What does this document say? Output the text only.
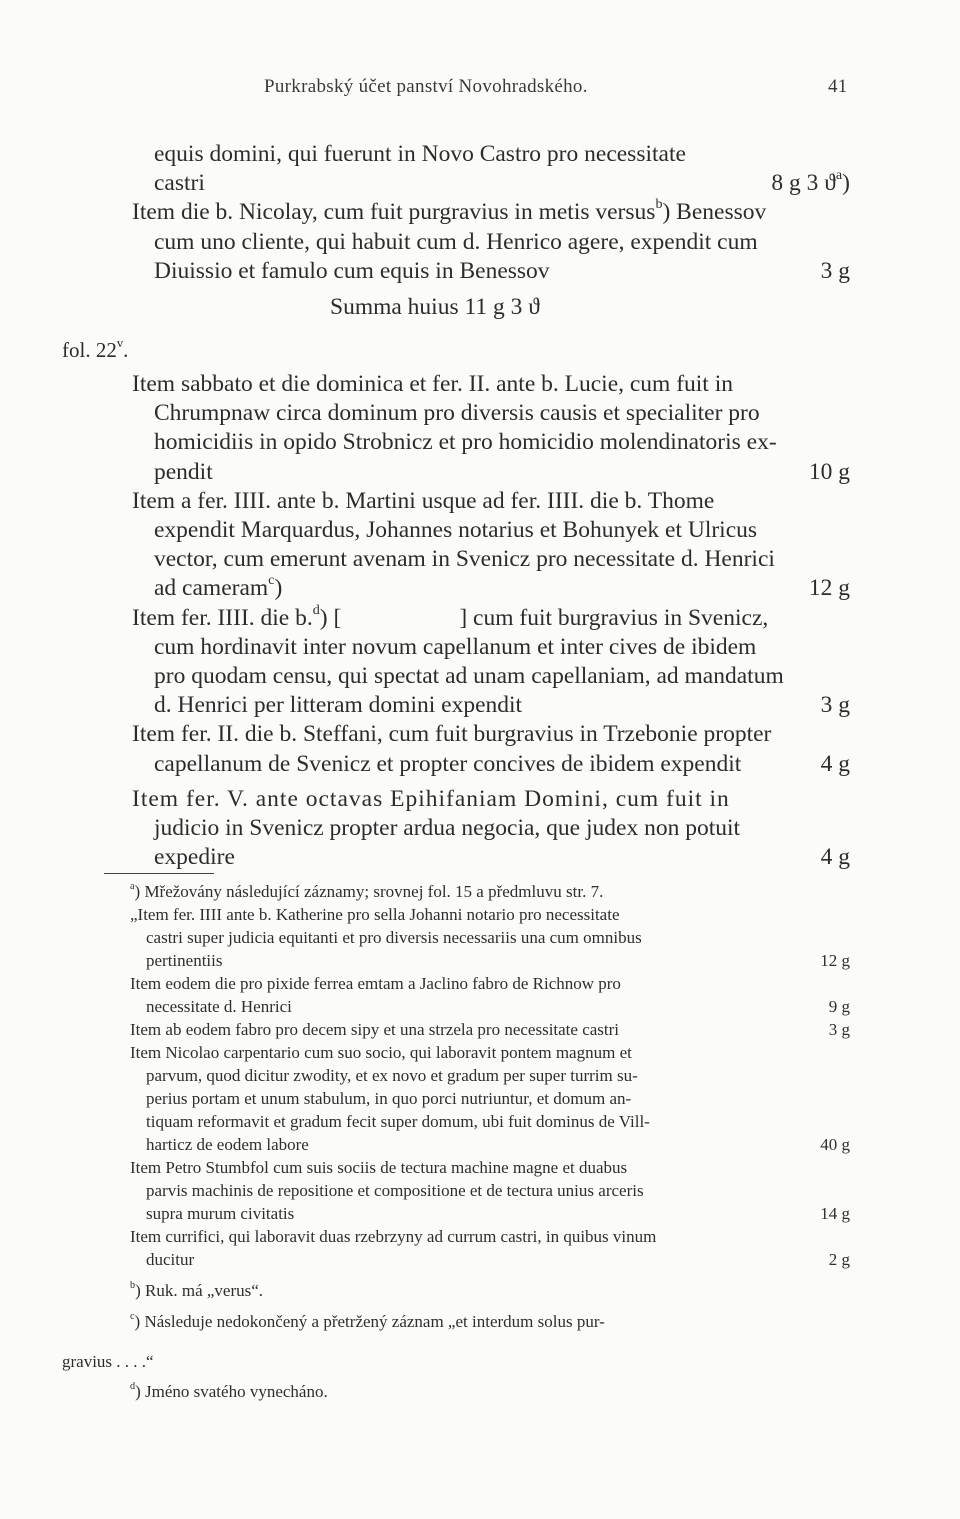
Purkrabský účet panství Novohradského.	41
equis domini, qui fuerunt in Novo Castro pro necessitate
castri	8 g 3 $ϑ^a$)
Item die b. Nicolay, cum fuit purgravius in metis versus$^b$) Benessov
cum uno cliente, qui habuit cum d. Henrico agere, expendit cum
Diuissio et famulo cum equis in Benessov	3 g
Summa huius 11 g 3 ϑ
fol. 22$^v$.
Item sabbato et die dominica et fer. II. ante b. Lucie, cum fuit in
Chrumpnaw circa dominum pro diversis causis et specialiter pro
homicidiis in opido Strobnicz et pro homicidio molendinatoris ex-
pendit	10 g
Item a fer. IIII. ante b. Martini usque ad fer. IIII. die b. Thome
expendit Marquardus, Johannes notarius et Bohunyek et Ulricus
vector, cum emerunt avenam in Svenicz pro necessitate d. Henrici
ad cameram$^c$)	12 g
Item fer. IIII. die b.$^d$) [	] cum fuit burgravius in Svenicz,
cum hordinavit inter novum capellanum et inter cives de ibidem
pro quodam censu, qui spectat ad unam capellaniam, ad mandatum
d. Henrici per litteram domini expendit	3 g
Item fer. II. die b. Steffani, cum fuit burgravius in Trzebonie propter
capellanum de Svenicz et propter concives de ibidem expendit	4 g
Item fer. V. ante octavas Epihifaniam Domini, cum fuit in
judicio in Svenicz propter ardua negocia, que judex non potuit
expedire	4 g
$^a$) Mřežovány následující záznamy; srovnej fol. 15 a předmluvu str. 7.
„Item fer. IIII ante b. Katherine pro sella Johanni notario pro necessitate
castri super judicia equitanti et pro diversis necessariis una cum omnibus
pertinentiis	12 g
Item eodem die pro pixide ferrea emtam a Jaclino fabro de Richnow pro
necessitate d. Henrici	9 g
Item ab eodem fabro pro decem sipy et una strzela pro necessitate castri	3 g
Item Nicolao carpentario cum suo socio, qui laboravit pontem magnum et
parvum, quod dicitur zwodity, et ex novo et gradum per super turrim su-
perius portam et unum stabulum, in quo porci nutriuntur, et domum an-
tiquam reformavit et gradum fecit super domum, ubi fuit dominus de Vill-
harticz de eodem labore	40 g
Item Petro Stumbfol cum suis sociis de tectura machine magne et duabus
parvis machinis de repositione et compositione et de tectura unius arceris
supra murum civitatis	14 g
Item currifici, qui laboravit duas rzebrzyny ad currum castri, in quibus vinum
ducitur	2 g
$^b$) Ruk. má „verus“.
$^c$) Následuje nedokončený a přetržený záznam „et interdum solus pur-
gravius . . . .“
$^d$) Jméno svatého vynecháno.
